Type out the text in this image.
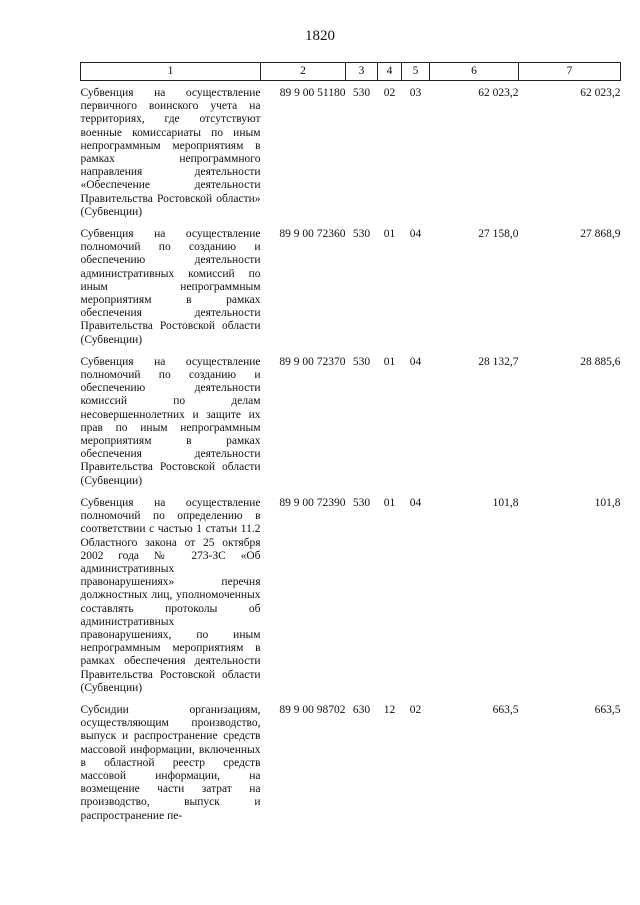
1820
1	2	3	4	5	6	7
Субвенция на осуществление первичного воинского учета на территориях, где отсутствуют военные комиссариаты по иным непрограммным мероприятиям в рамках непрограммного направления деятельности «Обеспечение деятельности Правительства Ростовской области» (Субвенции)	89 9 00 51180	530	02	03	62 023,2	62 023,2
Субвенция на осуществление полномочий по созданию и обеспечению деятельности административных комиссий по иным непрограммным мероприятиям в рамках обеспечения деятельности Правительства Ростовской области (Субвенции)	89 9 00 72360	530	01	04	27 158,0	27 868,9
Субвенция на осуществление полномочий по созданию и обеспечению деятельности комиссий по делам несовершеннолетних и защите их прав по иным непрограммным мероприятиям в рамках обеспечения деятельности Правительства Ростовской области (Субвенции)	89 9 00 72370	530	01	04	28 132,7	28 885,6
Субвенция на осуществление полномочий по определению в соответствии с частью 1 статьи 11.2 Областного закона от 25 октября 2002 года № 273-ЗС «Об административных правонарушениях» перечня должностных лиц, уполномоченных составлять протоколы об административных правонарушениях, по иным непрограммным мероприятиям в рамках обеспечения деятельности Правительства Ростовской области (Субвенции)	89 9 00 72390	530	01	04	101,8	101,8
Субсидии организациям, осуществляющим производство, выпуск и распространение средств массовой информации, включенных в областной реестр средств массовой информации, на возмещение части затрат на производство, выпуск и распространение пе-	89 9 00 98702	630	12	02	663,5	663,5
